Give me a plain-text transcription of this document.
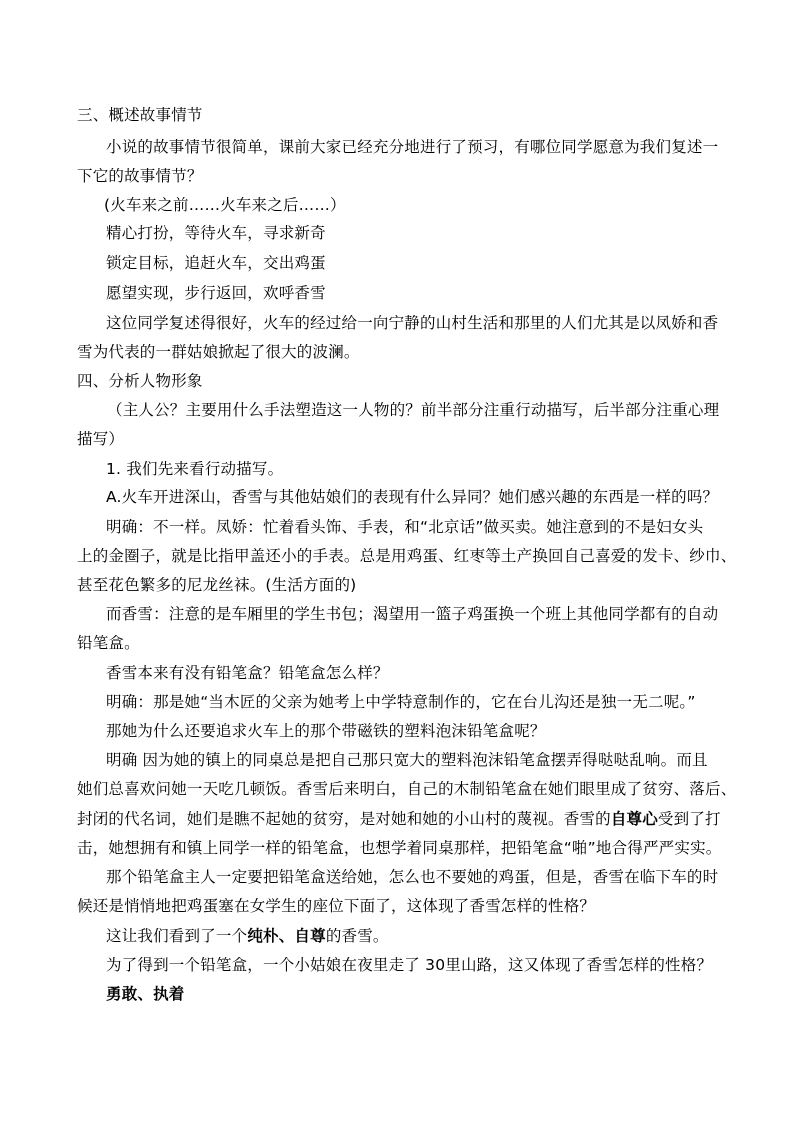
三、概述故事情节
小说的故事情节很简单，课前大家已经充分地进行了预习，有哪位同学愿意为我们复述一
下它的故事情节？
(火车来之前……火车来之后……）
精心打扮，等待火车，寻求新奇
锁定目标，追赶火车，交出鸡蛋
愿望实现，步行返回，欢呼香雪
这位同学复述得很好，火车的经过给一向宁静的山村生活和那里的人们尤其是以凤娇和香
雪为代表的一群姑娘掀起了很大的波澜。
四、分析人物形象
（主人公？主要用什么手法塑造这一人物的？前半部分注重行动描写，后半部分注重心理
描写）
1. 我们先来看行动描写。
A.火车开进深山，香雪与其他姑娘们的表现有什么异同？她们感兴趣的东西是一样的吗？
明确：不一样。凤娇：忙着看头饰、手表，和“北京话”做买卖。她注意到的不是妇女头
上的金圈子，就是比指甲盖还小的手表。总是用鸡蛋、红枣等土产换回自己喜爱的发卡、纱巾、
甚至花色繁多的尼龙丝袜。(生活方面的)
而香雪：注意的是车厢里的学生书包；渴望用一篮子鸡蛋换一个班上其他同学都有的自动
铅笔盒。
香雪本来有没有铅笔盒？铅笔盒怎么样？
明确：那是她“当木匠的父亲为她考上中学特意制作的，它在台儿沟还是独一无二呢。”
那她为什么还要追求火车上的那个带磁铁的塑料泡沫铅笔盒呢？
明确 因为她的镇上的同桌总是把自己那只宽大的塑料泡沫铅笔盒摆弄得哒哒乱响。而且
她们总喜欢问她一天吃几顿饭。香雪后来明白，自己的木制铅笔盒在她们眼里成了贫穷、落后、
封闭的代名词，她们是瞧不起她的贫穷，是对她和她的小山村的蔑视。香雪的自尊心受到了打
击，她想拥有和镇上同学一样的铅笔盒，也想学着同桌那样，把铅笔盒“啪”地合得严严实实。
那个铅笔盒主人一定要把铅笔盒送给她，怎么也不要她的鸡蛋，但是，香雪在临下车的时
候还是悄悄地把鸡蛋塞在女学生的座位下面了，这体现了香雪怎样的性格？
这让我们看到了一个纯朴、自尊的香雪。
为了得到一个铅笔盒，一个小姑娘在夜里走了 30里山路，这又体现了香雪怎样的性格？
勇敢、执着
